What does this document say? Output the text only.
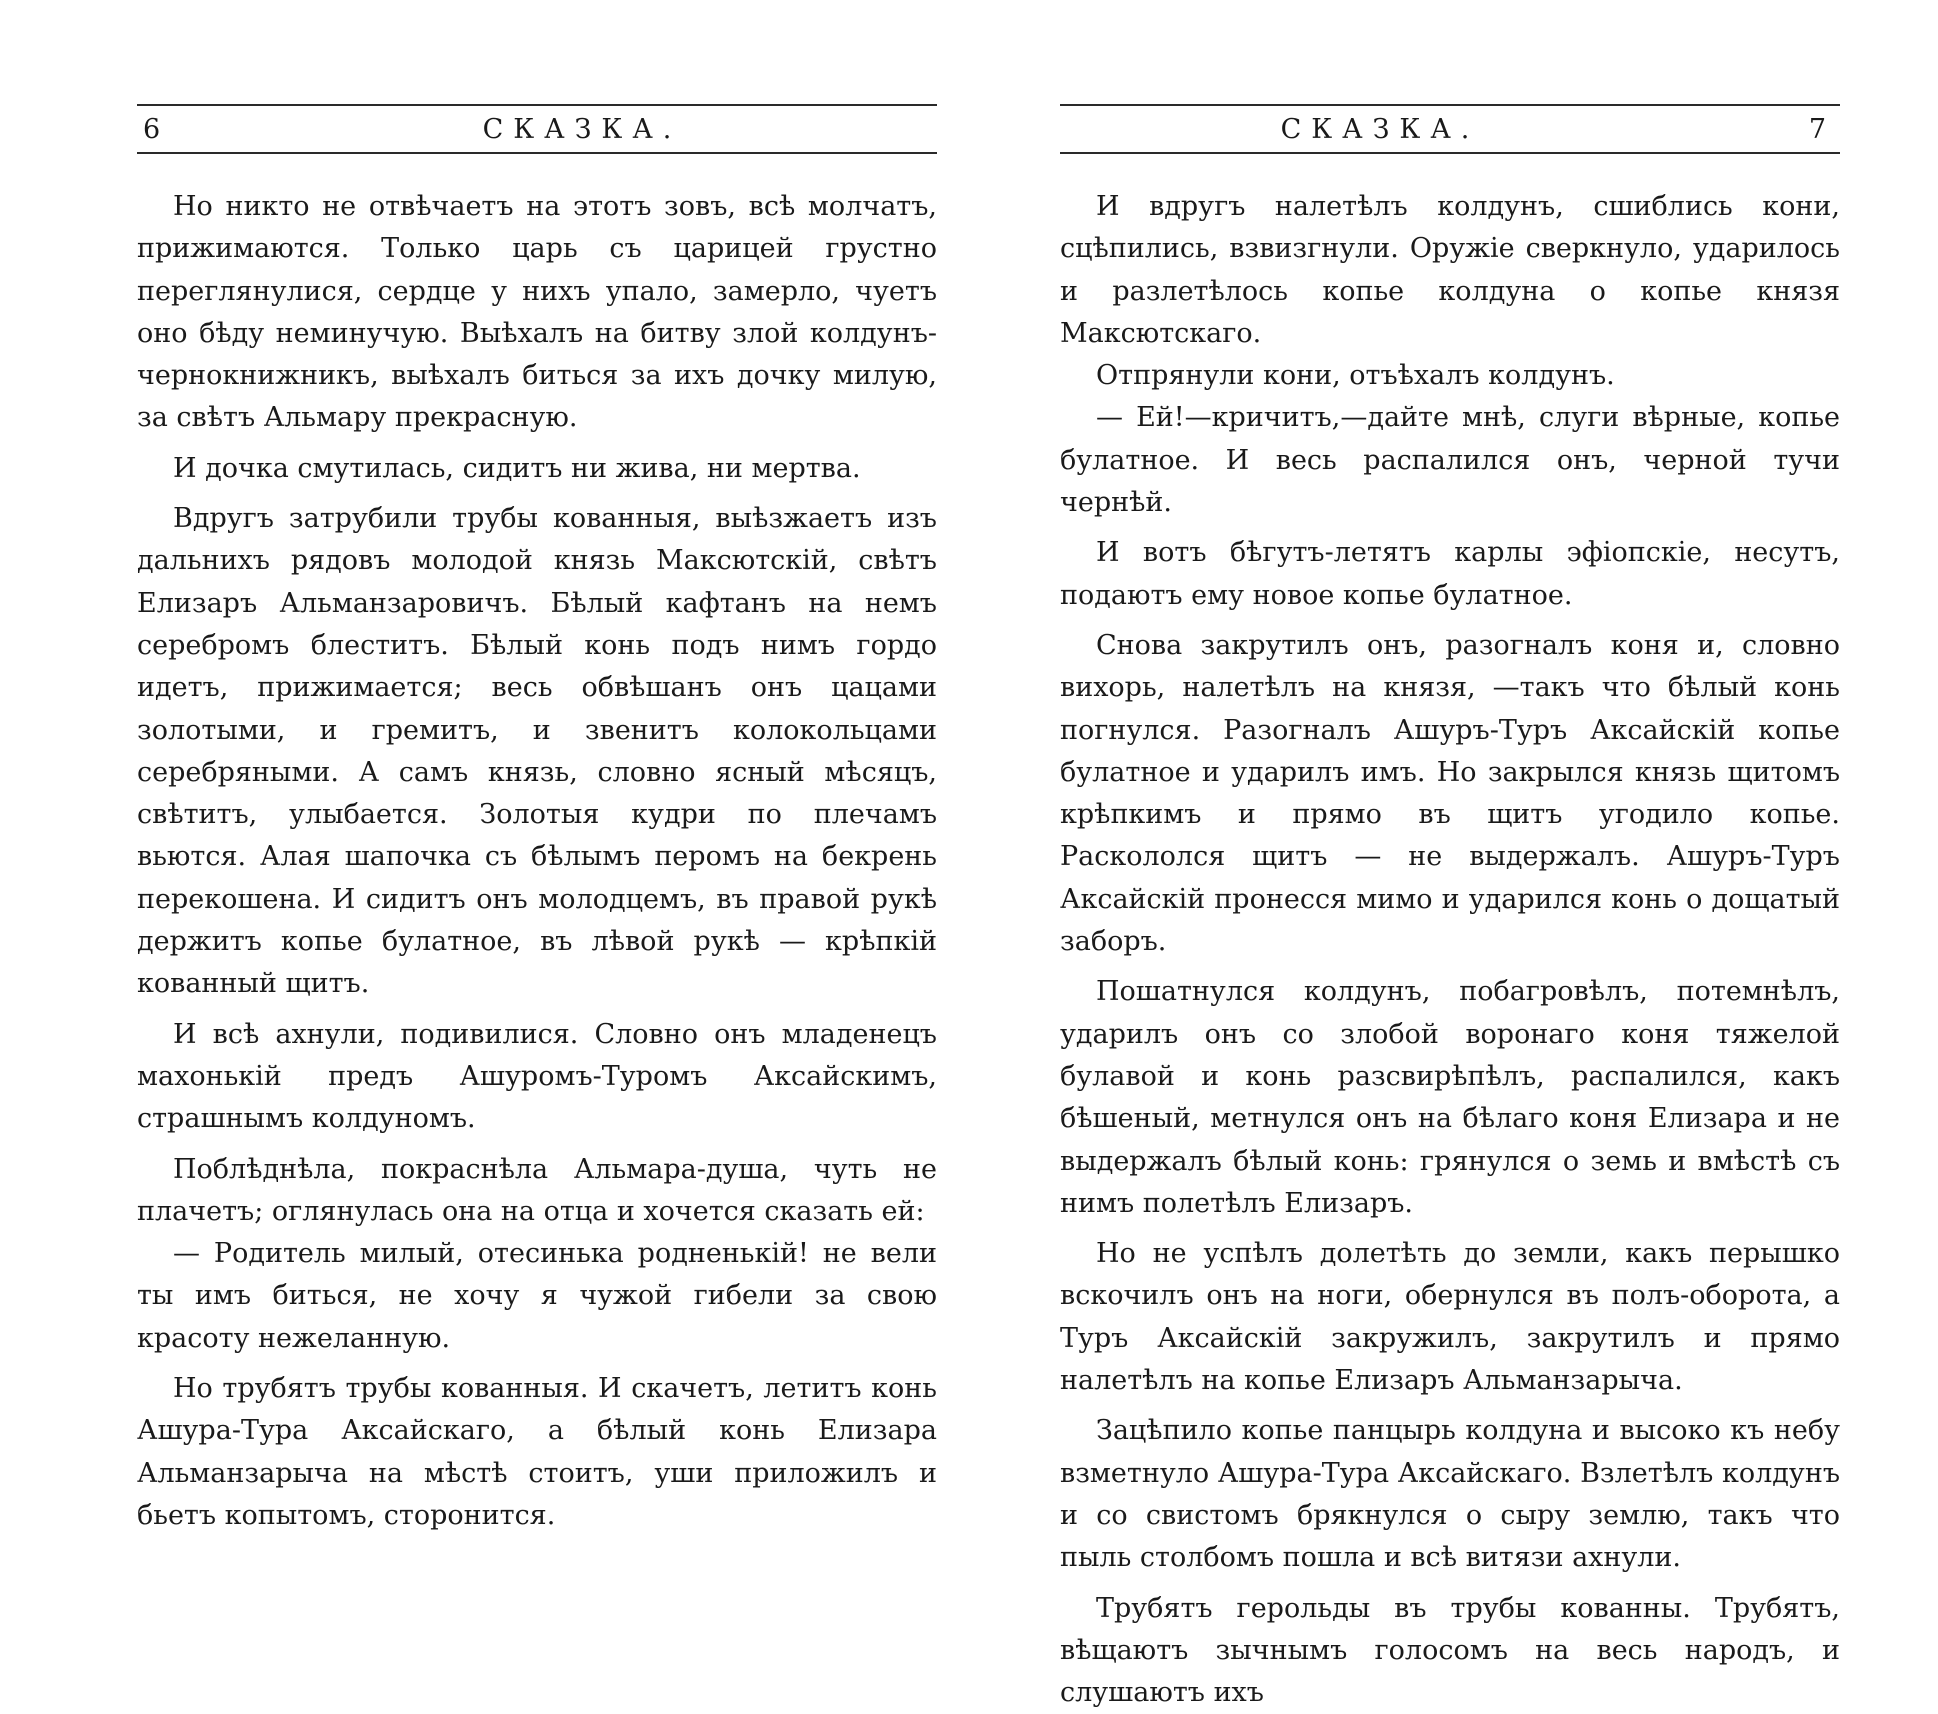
6	СКАЗКА.

Но никто не отвѣчаетъ на этотъ зовъ, всѣ молчатъ, прижимаются. Только царь съ царицей грустно переглянулися, сердце у нихъ упало, замерло, чуетъ оно бѣду неминучую. Выѣхалъ на битву злой колдунъ-чернокнижникъ, выѣхалъ биться за ихъ дочку милую, за свѣтъ Альмару прекрасную.

И дочка смутилась, сидитъ ни жива, ни мертва.

Вдругъ затрубили трубы кованныя, выѣзжаетъ изъ дальнихъ рядовъ молодой князь Максютскій, свѣтъ Елизаръ Альманзаровичъ. Бѣлый кафтанъ на немъ серебромъ блеститъ. Бѣлый конь подъ нимъ гордо идетъ, прижимается; весь обвѣшанъ онъ цацами золотыми, и гремитъ, и звенитъ колокольцами серебряными. А самъ князь, словно ясный мѣсяцъ, свѣтитъ, улыбается. Золотыя кудри по плечамъ вьются. Алая шапочка съ бѣлымъ перомъ на бекрень перекошена. И сидитъ онъ молодцемъ, въ правой рукѣ держитъ копье булатное, въ лѣвой рукѣ — крѣпкій кованный щитъ.

И всѣ ахнули, подивилися. Словно онъ младенецъ махонькій предъ Ашуромъ-Туромъ Аксайскимъ, страшнымъ колдуномъ.

Поблѣднѣла, покраснѣла Альмара-душа, чуть не плачетъ; оглянулась она на отца и хочется сказать ей:

— Родитель милый, отесинька родненькій! не вели ты имъ биться, не хочу я чужой гибели за свою красоту нежеланную.

Но трубятъ трубы кованныя. И скачетъ, летитъ конь Ашура-Тура Аксайскаго, а бѣлый конь Елизара Альманзарыча на мѣстѣ стоитъ, уши приложилъ и бьетъ копытомъ, сторонится.

СКАЗКА.	7

И вдругъ налетѣлъ колдунъ, сшиблись кони, сцѣпились, взвизгнули. Оружіе сверкнуло, ударилось и разлетѣлось копье колдуна о копье князя Максютскаго.

Отпрянули кони, отъѣхалъ колдунъ.

— Ей!—кричитъ,—дайте мнѣ, слуги вѣрные, копье булатное. И весь распалился онъ, черной тучи чернѣй.

И вотъ бѣгутъ-летятъ карлы эфіопскіе, несутъ, подаютъ ему новое копье булатное.

Снова закрутилъ онъ, разогналъ коня и, словно вихорь, налетѣлъ на князя, —такъ что бѣлый конь погнулся. Разогналъ Ашуръ-Туръ Аксайскій копье булатное и ударилъ имъ. Но закрылся князь щитомъ крѣпкимъ и прямо въ щитъ угодило копье. Раскололся щитъ — не выдержалъ. Ашуръ-Туръ Аксайскій пронесся мимо и ударился конь о дощатый заборъ.

Пошатнулся колдунъ, побагровѣлъ, потемнѣлъ, ударилъ онъ со злобой воронаго коня тяжелой булавой и конь разсвирѣпѣлъ, распалился, какъ бѣшеный, метнулся онъ на бѣлаго коня Елизара и не выдержалъ бѣлый конь: грянулся о земь и вмѣстѣ съ нимъ полетѣлъ Елизаръ.

Но не успѣлъ долетѣть до земли, какъ перышко вскочилъ онъ на ноги, обернулся въ полъ-оборота, а Туръ Аксайскій закружилъ, закрутилъ и прямо налетѣлъ на копье Елизаръ Альманзарыча.

Зацѣпило копье панцырь колдуна и высоко къ небу взметнуло Ашура-Тура Аксайскаго. Взлетѣлъ колдунъ и со свистомъ брякнулся о сыру землю, такъ что пыль столбомъ пошла и всѣ витязи ахнули.

Трубятъ герольды въ трубы кованны. Трубятъ, вѣщаютъ зычнымъ голосомъ на весь народъ, и слушаютъ ихъ
